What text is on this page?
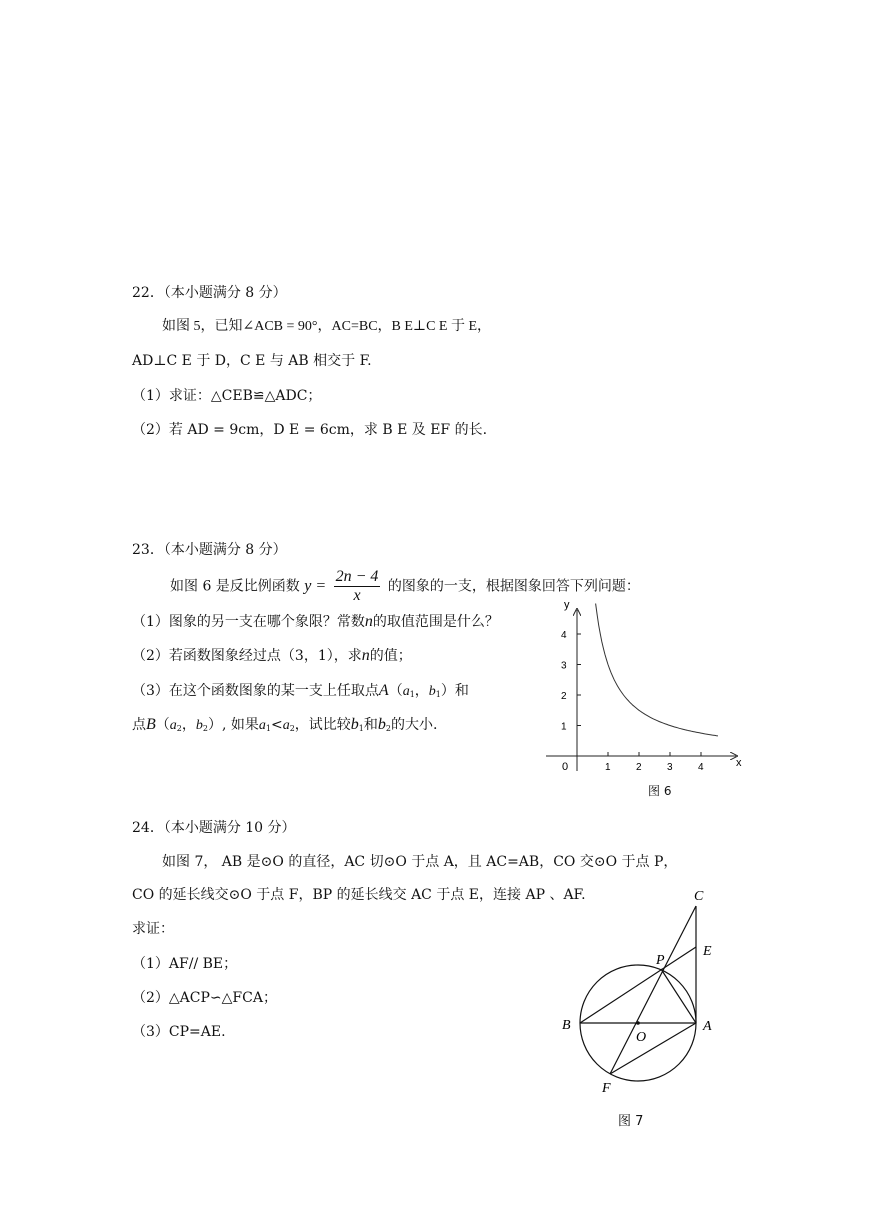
22．（本小题满分 8 分）
如图 5，已知∠ACB = 90°，AC=BC，B E⊥C E 于 E，
AD⊥C E 于 D，C E 与 AB 相交于 F.
（1）求证：△CEB≌△ADC；
（2）若 AD = 9cm，D E = 6cm，求 B E 及 EF 的长.
23．（本小题满分 8 分）
如图 6 是反比例函数 $y = \frac{2n - 4}{x}$ 的图象的一支，根据图象回答下列问题：
（1）图象的另一支在哪个象限？常数n的取值范围是什么？
（2）若函数图象经过点（3，1），求n的值；
（3）在这个函数图象的某一支上任取点$A(a_1$，$b_1$）和
点$B(a_2$，$b_2$）, 如果$a_1<a_2$，试比较$b_1$和$b_2$的大小.
1	2	3	4
1
2
3
4
y
x
0
图 6
24．（本小题满分 10 分）
如图 7， AB 是⊙O 的直径，AC 切⊙O 于点 A，且 AC=AB，CO 交⊙O 于点 P，
CO 的延长线交⊙O 于点 F，BP 的延长线交 AC 于点 E，连接 AP 、AF.
求证：
（1）AF// BE；
（2）△ACP∽△FCA；
（3）CP=AE.
C
E
P
B
O
A
F
图 7
